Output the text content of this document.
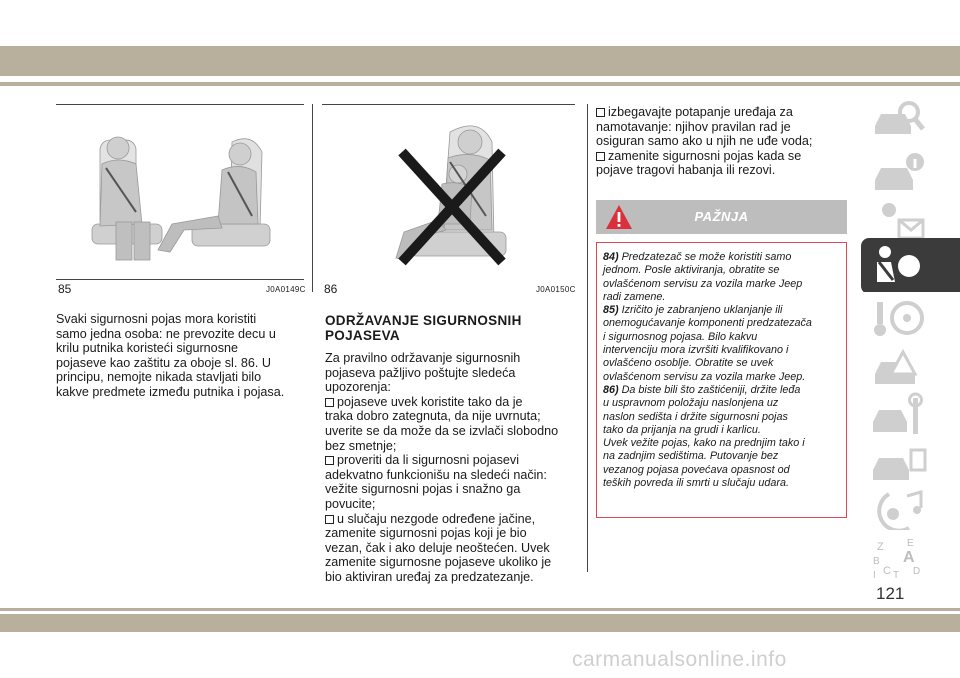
85	J0A0149C 86	J0A0150C

Svaki sigurnosni pojas mora koristiti
samo jedna osoba: ne prevozite decu u
krilu putnika koristeći sigurnosne
pojaseve kao zaštitu za oboje sl. 86. U
principu, nemojte nikada stavljati bilo
kakve predmete između putnika i pojasa.

ODRŽAVANJE SIGURNOSNIH
POJASEVA
Za pravilno održavanje sigurnosnih
pojaseva pažljivo poštujte sledeća
upozorenja:
pojaseve uvek koristite tako da je
traka dobro zategnuta, da nije uvrnuta;
uverite se da može da se izvlači slobodno
bez smetnje;
proveriti da li sigurnosni pojasevi
adekvatno funkcionišu na sledeći način:
vežite sigurnosni pojas i snažno ga
povucite;
u slučaju nezgode određene jačine,
zamenite sigurnosni pojas koji je bio
vezan, čak i ako deluje neoštećen. Uvek
zamenite sigurnosne pojaseve ukoliko je
bio aktiviran uređaj za predzatezanje.
izbegavajte potapanje uređaja za
namotavanje: njihov pravilan rad je
osiguran samo ako u njih ne uđe voda;
zamenite sigurnosni pojas kada se
pojave tragovi habanja ili rezovi.
PAŽNJA

84) Predzatezač se može koristiti samo
jednom. Posle aktiviranja, obratite se
ovlašćenom servisu za vozila marke Jeep
radi zamene.
85) Izričito je zabranjeno uklanjanje ili
onemogućavanje komponenti predzatezača
i sigurnosnog pojasa. Bilo kakvu
intervenciju mora izvršiti kvalifikovano i
ovlašćeno osoblje. Obratite se uvek
ovlašćenom servisu za vozila marke Jeep.
86) Da biste bili što zaštićeniji, držite leđa
u uspravnom položaju naslonjena uz
naslon sedišta i držite sigurnosni pojas
tako da prijanja na grudi i karlicu.
Uvek vežite pojas, kako na prednjim tako i
na zadnjim sedištima. Putovanje bez
vezanog pojasa povećava opasnost od
teških povreda ili smrti u slučaju udara.

Z E
B A
C
I T D
121
carmanualsonline.info
